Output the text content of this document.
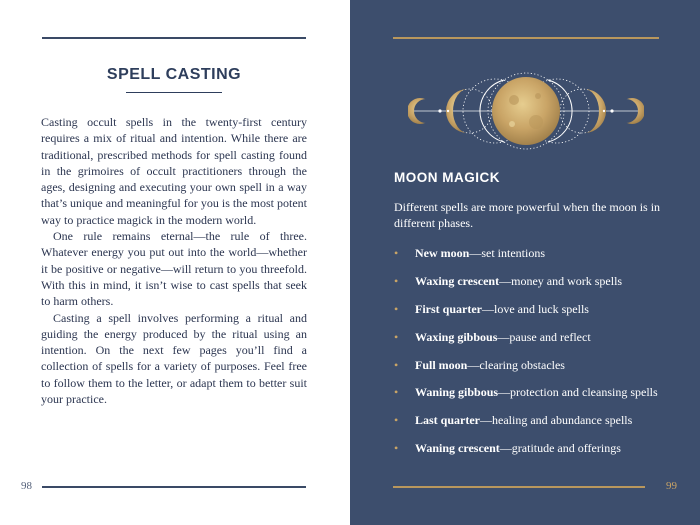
SPELL CASTING

Casting occult spells in the twenty-first century requires a mix of ritual and intention. While there are traditional, prescribed methods for spell casting found in the grimoires of occult practitioners through the ages, designing and executing your own spell in a way that’s unique and meaningful for you is the most potent way to practice magick in the modern world.

One rule remains eternal—the rule of three. Whatever energy you put out into the world—whether it be positive or negative—will return to you threefold. With this in mind, it isn’t wise to cast spells that seek to harm others.

Casting a spell involves performing a ritual and guiding the energy produced by the ritual using an intention. On the next few pages you’ll find a collection of spells for a variety of purposes. Feel free to follow them to the letter, or adapt them to better suit your practice.

98
MOON MAGICK

Different spells are more powerful when the moon is in different phases.

• New moon—set intentions
• Waxing crescent—money and work spells
• First quarter—love and luck spells
• Waxing gibbous—pause and reflect
• Full moon—clearing obstacles
• Waning gibbous—protection and cleansing spells
• Last quarter—healing and abundance spells
• Waning crescent—gratitude and offerings
99
